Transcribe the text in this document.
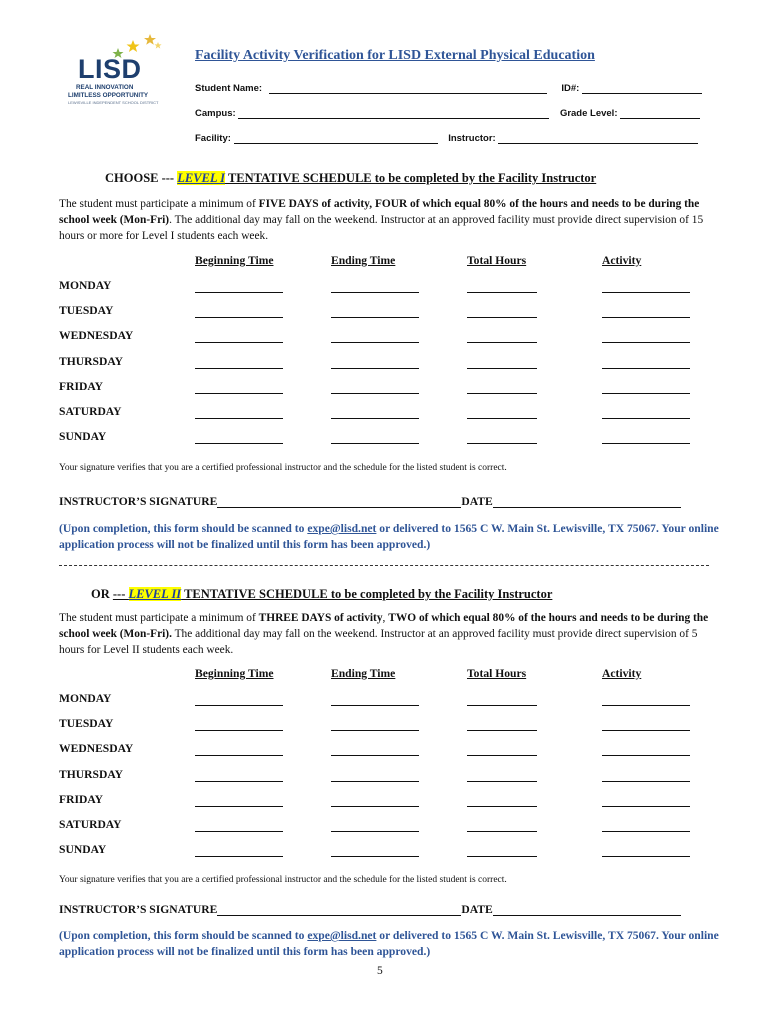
LISD
REAL INNOVATION
LIMITLESS OPPORTUNITY
LEWISVILLE INDEPENDENT SCHOOL DISTRICT
Facility Activity Verification for LISD External Physical Education
Student Name:	ID#:
Campus:	Grade Level:
Facility:	Instructor:
CHOOSE --- LEVEL I TENTATIVE SCHEDULE to be completed by the Facility Instructor
The student must participate a minimum of FIVE DAYS of activity, FOUR of which equal 80% of the hours and needs to be during the school week (Mon-Fri). The additional day may fall on the weekend. Instructor at an approved facility must provide direct supervision of 15 hours or more for Level I students each week.
Beginning Time	Ending Time	Total Hours	Activity
MONDAY
TUESDAY
WEDNESDAY
THURSDAY
FRIDAY
SATURDAY
SUNDAY
Your signature verifies that you are a certified professional instructor and the schedule for the listed student is correct.
INSTRUCTOR’S SIGNATURE	DATE
(Upon completion, this form should be scanned to expe@lisd.net or delivered to 1565 C W. Main St. Lewisville, TX 75067. Your online application process will not be finalized until this form has been approved.)
OR --- LEVEL II TENTATIVE SCHEDULE to be completed by the Facility Instructor
The student must participate a minimum of THREE DAYS of activity, TWO of which equal 80% of the hours and needs to be during the school week (Mon-Fri). The additional day may fall on the weekend. Instructor at an approved facility must provide direct supervision of 5 hours for Level II students each week.
Beginning Time	Ending Time	Total Hours	Activity
MONDAY
TUESDAY
WEDNESDAY
THURSDAY
FRIDAY
SATURDAY
SUNDAY
Your signature verifies that you are a certified professional instructor and the schedule for the listed student is correct.
INSTRUCTOR’S SIGNATURE	DATE
(Upon completion, this form should be scanned to expe@lisd.net or delivered to 1565 C W. Main St. Lewisville, TX 75067. Your online application process will not be finalized until this form has been approved.)
5
